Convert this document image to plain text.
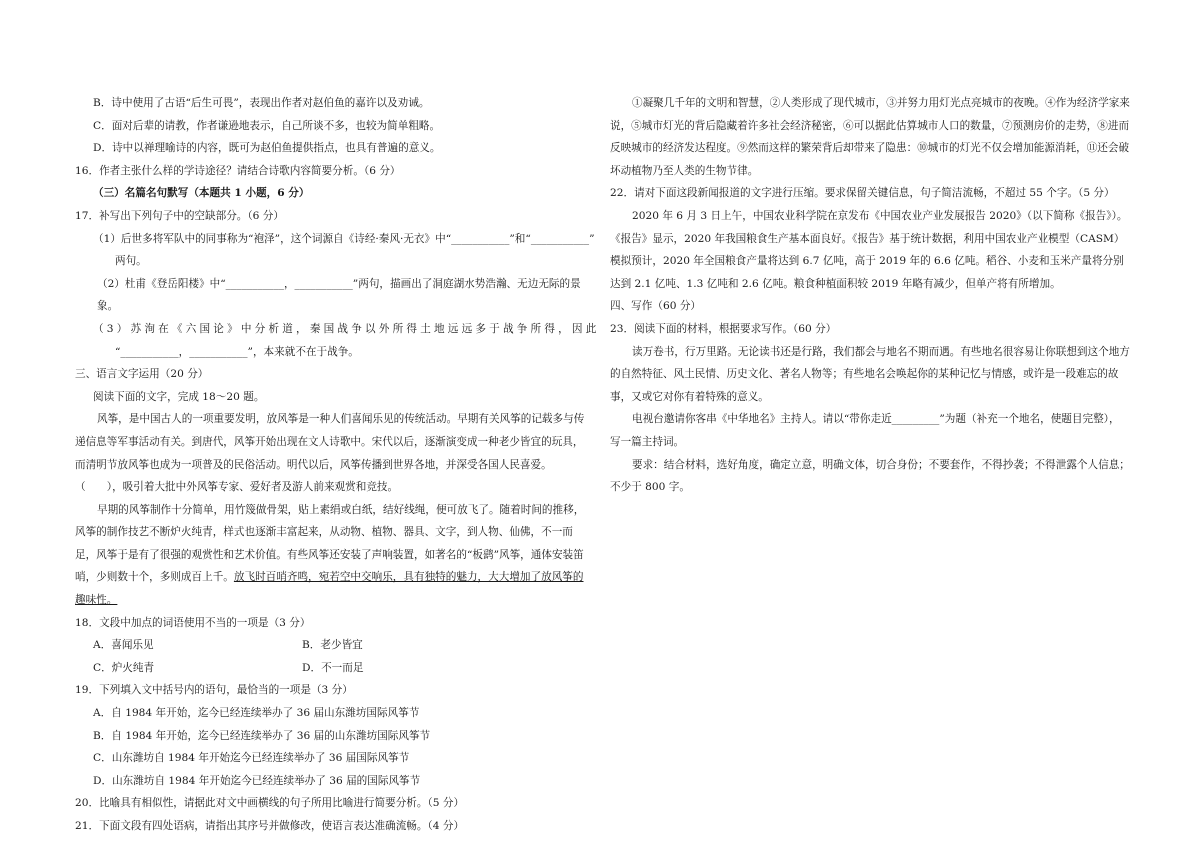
B．诗中使用了古语“后生可畏”，表现出作者对赵伯鱼的嘉许以及劝诫。
C．面对后辈的请教，作者谦逊地表示，自己所谈不多，也较为简单粗略。
D．诗中以禅理喻诗的内容，既可为赵伯鱼提供指点，也具有普遍的意义。
16．作者主张什么样的学诗途径？请结合诗歌内容简要分析。（6 分）
（三）名篇名句默写（本题共 1 小题，6 分）
17．补写出下列句子中的空缺部分。（6 分）
（1）后世多将军队中的同事称为“袍泽”，这个词源自《诗经·秦风·无衣》中“___________”和“___________”
两句。
（2）杜甫《登岳阳楼》中“___________，___________”两句，描画出了洞庭湖水势浩瀚、无边无际的景象。
（3）苏洵在《六国论》中分析道，秦国战争以外所得土地远远多于战争所得，因此
“___________，___________”，本来就不在于战争。
三、语言文字运用（20 分）
阅读下面的文字，完成 18～20 题。
风筝，是中国古人的一项重要发明，放风筝是一种人们喜闻乐见的传统活动。早期有关风筝的记载多与传递信息等军事活动有关。到唐代，风筝开始出现在文人诗歌中。宋代以后，逐渐演变成一种老少皆宜的玩具，而清明节放风筝也成为一项普及的民俗活动。明代以后，风筝传播到世界各地，并深受各国人民喜爱。（　　），吸引着大批中外风筝专家、爱好者及游人前来观赏和竞技。
早期的风筝制作十分简单，用竹篾做骨架，贴上素绢或白纸，结好线绳，便可放飞了。随着时间的推移，风筝的制作技艺不断炉火纯青，样式也逐渐丰富起来，从动物、植物、器具、文字，到人物、仙佛，不一而足，风筝于是有了很强的观赏性和艺术价值。有些风筝还安装了声响装置，如著名的“板鹞”风筝，通体安装笛哨，少则数十个，多则成百上千。放飞时百哨齐鸣，宛若空中交响乐，具有独特的魅力，大大增加了放风筝的趣味性。
18．文段中加点的词语使用不当的一项是（3 分）
A．喜闻乐见	B．老少皆宜
C．炉火纯青	D．不一而足
19．下列填入文中括号内的语句，最恰当的一项是（3 分）
A．自 1984 年开始，迄今已经连续举办了 36 届山东潍坊国际风筝节
B．自 1984 年开始，迄今已经连续举办了 36 届的山东潍坊国际风筝节
C．山东潍坊自 1984 年开始迄今已经连续举办了 36 届国际风筝节
D．山东潍坊自 1984 年开始迄今已经连续举办了 36 届的国际风筝节
20．比喻具有相似性，请据此对文中画横线的句子所用比喻进行简要分析。（5 分）
21．下面文段有四处语病，请指出其序号并做修改，使语言表达准确流畅。（4 分）
①凝聚几千年的文明和智慧，②人类形成了现代城市，③并努力用灯光点亮城市的夜晚。④作为经济学家来说，⑤城市灯光的背后隐藏着许多社会经济秘密，⑥可以据此估算城市人口的数量，⑦预测房价的走势，⑧进而反映城市的经济发达程度。⑨然而这样的繁荣背后却带来了隐患：⑩城市的灯光不仅会增加能源消耗，⑪还会破坏动植物乃至人类的生物节律。
22．请对下面这段新闻报道的文字进行压缩。要求保留关键信息，句子简洁流畅，不超过 55 个字。（5 分）
2020 年 6 月 3 日上午，中国农业科学院在京发布《中国农业产业发展报告 2020》（以下简称《报告》）。《报告》显示，2020 年我国粮食生产基本面良好。《报告》基于统计数据，利用中国农业产业模型（CASM）模拟预计，2020 年全国粮食产量将达到 6.7 亿吨，高于 2019 年的 6.6 亿吨。稻谷、小麦和玉米产量将分别达到 2.1 亿吨、1.3 亿吨和 2.6 亿吨。粮食种植面积较 2019 年略有减少，但单产将有所增加。
四、写作（60 分）
23．阅读下面的材料，根据要求写作。（60 分）
读万卷书，行万里路。无论读书还是行路，我们都会与地名不期而遇。有些地名很容易让你联想到这个地方的自然特征、风土民情、历史文化、著名人物等；有些地名会唤起你的某种记忆与情感，或许是一段难忘的故事，又或它对你有着特殊的意义。
电视台邀请你客串《中华地名》主持人。请以“带你走近_________”为题（补充一个地名，使题目完整），写一篇主持词。
要求：结合材料，选好角度，确定立意，明确文体，切合身份；不要套作，不得抄袭；不得泄露个人信息；不少于 800 字。
